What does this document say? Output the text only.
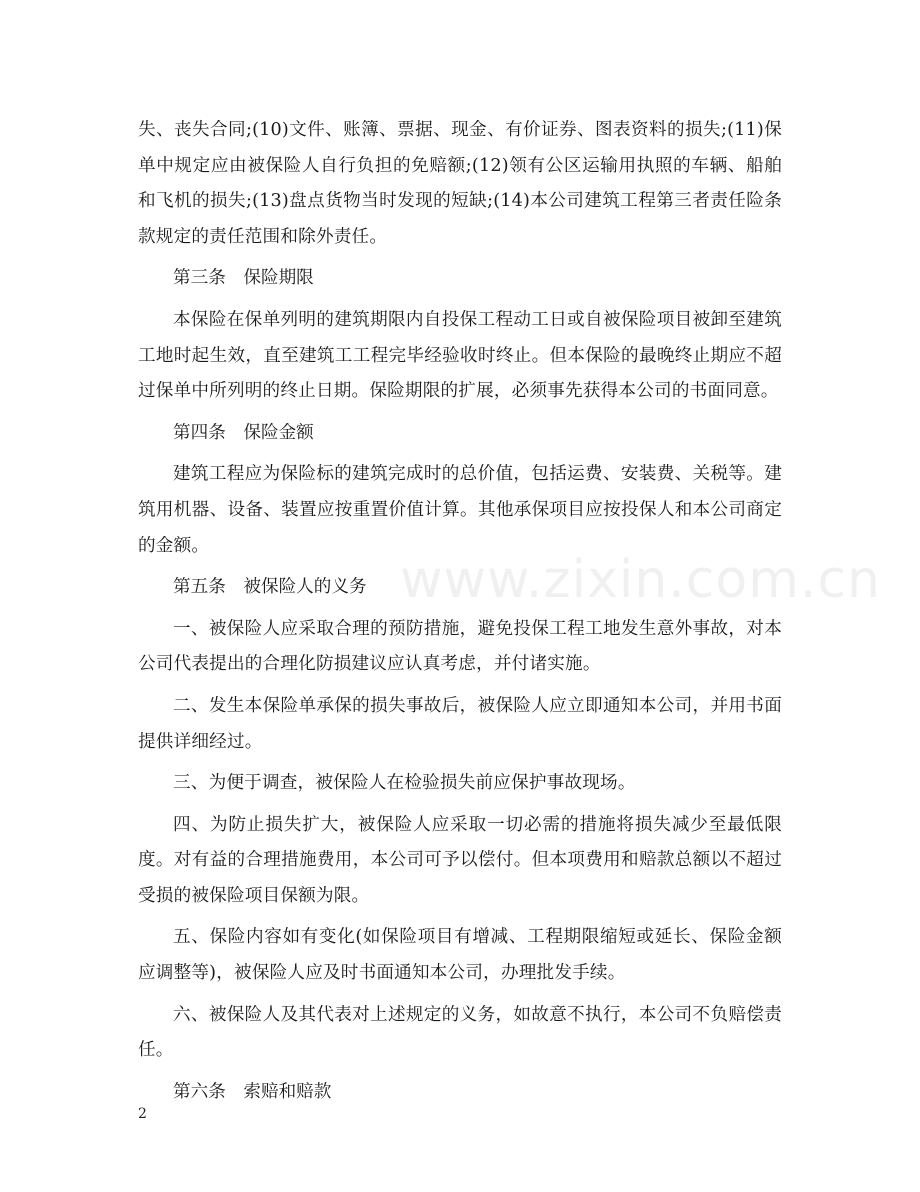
失、丧失合同;(10)文件、账簿、票据、现金、有价证券、图表资料的损失;(11)保单中规定应由被保险人自行负担的免赔额;(12)领有公区运输用执照的车辆、船舶和飞机的损失;(13)盘点货物当时发现的短缺;(14)本公司建筑工程第三者责任险条款规定的责任范围和除外责任。

第三条　保险期限

本保险在保单列明的建筑期限内自投保工程动工日或自被保险项目被卸至建筑工地时起生效，直至建筑工工程完毕经验收时终止。但本保险的最晚终止期应不超过保单中所列明的终止日期。保险期限的扩展，必须事先获得本公司的书面同意。

第四条　保险金额

建筑工程应为保险标的建筑完成时的总价值，包括运费、安装费、关税等。建筑用机器、设备、装置应按重置价值计算。其他承保项目应按投保人和本公司商定的金额。

第五条　被保险人的义务

一、被保险人应采取合理的预防措施，避免投保工程工地发生意外事故，对本公司代表提出的合理化防损建议应认真考虑，并付诸实施。

二、发生本保险单承保的损失事故后，被保险人应立即通知本公司，并用书面提供详细经过。

三、为便于调查，被保险人在检验损失前应保护事故现场。

四、为防止损失扩大，被保险人应采取一切必需的措施将损失减少至最低限度。对有益的合理措施费用，本公司可予以偿付。但本项费用和赔款总额以不超过受损的被保险项目保额为限。

五、保险内容如有变化(如保险项目有增减、工程期限缩短或延长、保险金额应调整等)，被保险人应及时书面通知本公司，办理批发手续。

六、被保险人及其代表对上述规定的义务，如故意不执行，本公司不负赔偿责任。

第六条　索赔和赔款

www.zixin.com.cn
2
